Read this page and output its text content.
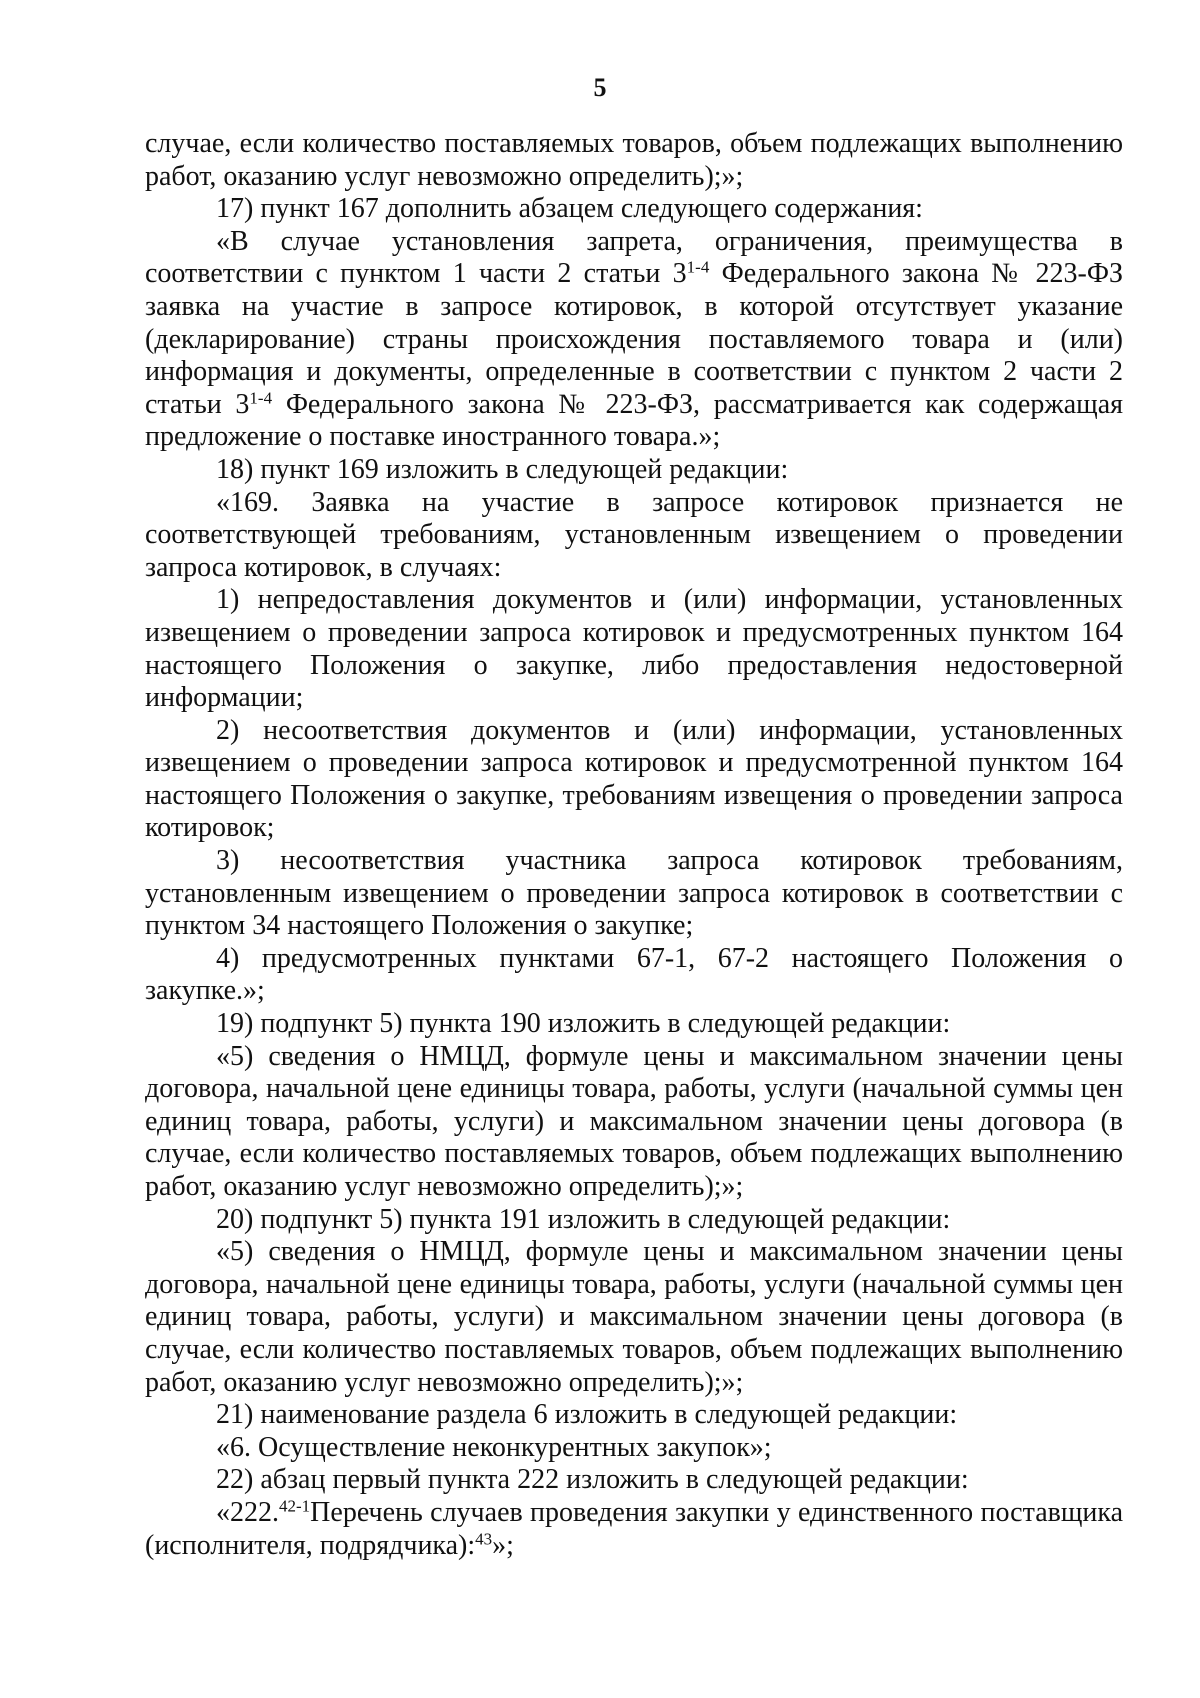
5

случае, если количество поставляемых товаров, объем подлежащих выполнению работ, оказанию услуг невозможно определить);»;

17) пункт 167 дополнить абзацем следующего содержания:

«В случае установления запрета, ограничения, преимущества в соответствии с пунктом 1 части 2 статьи 3$^{1-4}$ Федерального закона № 223-ФЗ заявка на участие в запросе котировок, в которой отсутствует указание (декларирование) страны происхождения поставляемого товара и (или) информация и документы, определенные в соответствии с пунктом 2 части 2 статьи 3$^{1-4}$ Федерального закона № 223-ФЗ, рассматривается как содержащая предложение о поставке иностранного товара.»;

18) пункт 169 изложить в следующей редакции:

«169. Заявка на участие в запросе котировок признается не соответствующей требованиям, установленным извещением о проведении запроса котировок, в случаях:

1) непредоставления документов и (или) информации, установленных извещением о проведении запроса котировок и предусмотренных пунктом 164 настоящего Положения о закупке, либо предоставления недостоверной информации;

2) несоответствия документов и (или) информации, установленных извещением о проведении запроса котировок и предусмотренной пунктом 164 настоящего Положения о закупке, требованиям извещения о проведении запроса котировок;

3) несоответствия участника запроса котировок требованиям, установленным извещением о проведении запроса котировок в соответствии с пунктом 34 настоящего Положения о закупке;

4) предусмотренных пунктами 67-1, 67-2 настоящего Положения о закупке.»;

19) подпункт 5) пункта 190 изложить в следующей редакции:

«5) сведения о НМЦД, формуле цены и максимальном значении цены договора, начальной цене единицы товара, работы, услуги (начальной суммы цен единиц товара, работы, услуги) и максимальном значении цены договора (в случае, если количество поставляемых товаров, объем подлежащих выполнению работ, оказанию услуг невозможно определить);»;

20) подпункт 5) пункта 191 изложить в следующей редакции:

«5) сведения о НМЦД, формуле цены и максимальном значении цены договора, начальной цене единицы товара, работы, услуги (начальной суммы цен единиц товара, работы, услуги) и максимальном значении цены договора (в случае, если количество поставляемых товаров, объем подлежащих выполнению работ, оказанию услуг невозможно определить);»;

21) наименование раздела 6 изложить в следующей редакции:

«6. Осуществление неконкурентных закупок»;

22) абзац первый пункта 222 изложить в следующей редакции:

«222.$^{42-1}$Перечень случаев проведения закупки у единственного поставщика (исполнителя, подрядчика):$^{43}$»;
